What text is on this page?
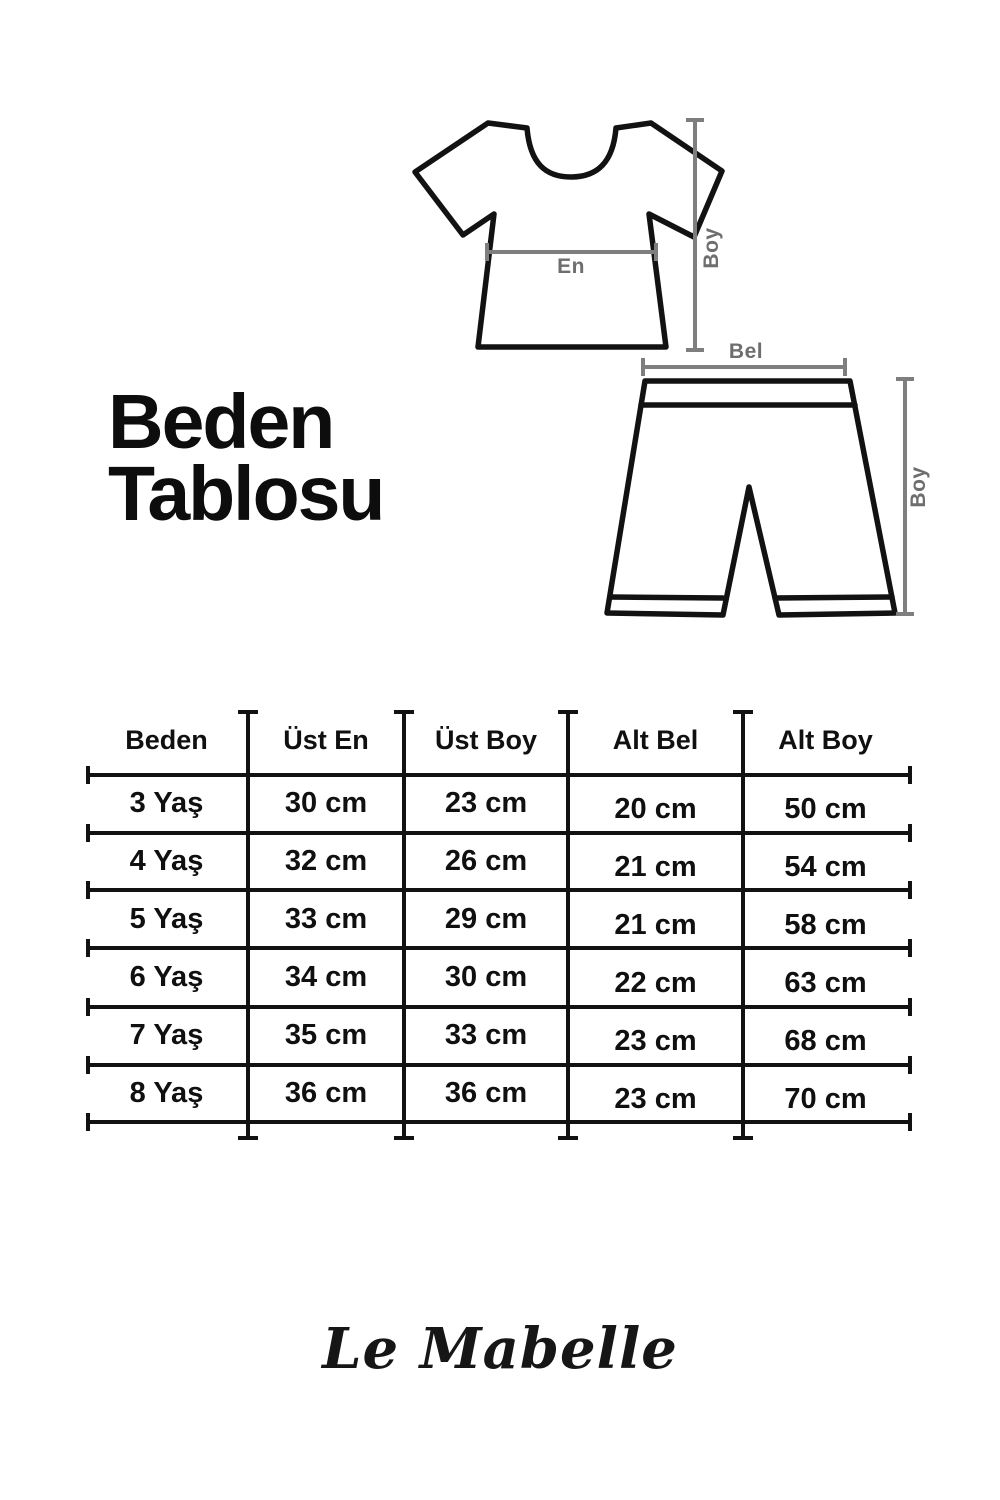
En	Boy
Bel
Boy
Beden
Tablosu
Beden	Üst En	Üst Boy	Alt Bel	Alt Boy
3 Yaş	30 cm	23 cm	20 cm	50 cm
4 Yaş	32 cm	26 cm	21 cm	54 cm
5 Yaş	33 cm	29 cm	21 cm	58 cm
6 Yaş	34 cm	30 cm	22 cm	63 cm
7 Yaş	35 cm	33 cm	23 cm	68 cm
8 Yaş	36 cm	36 cm	23 cm	70 cm
Le Mabelle
